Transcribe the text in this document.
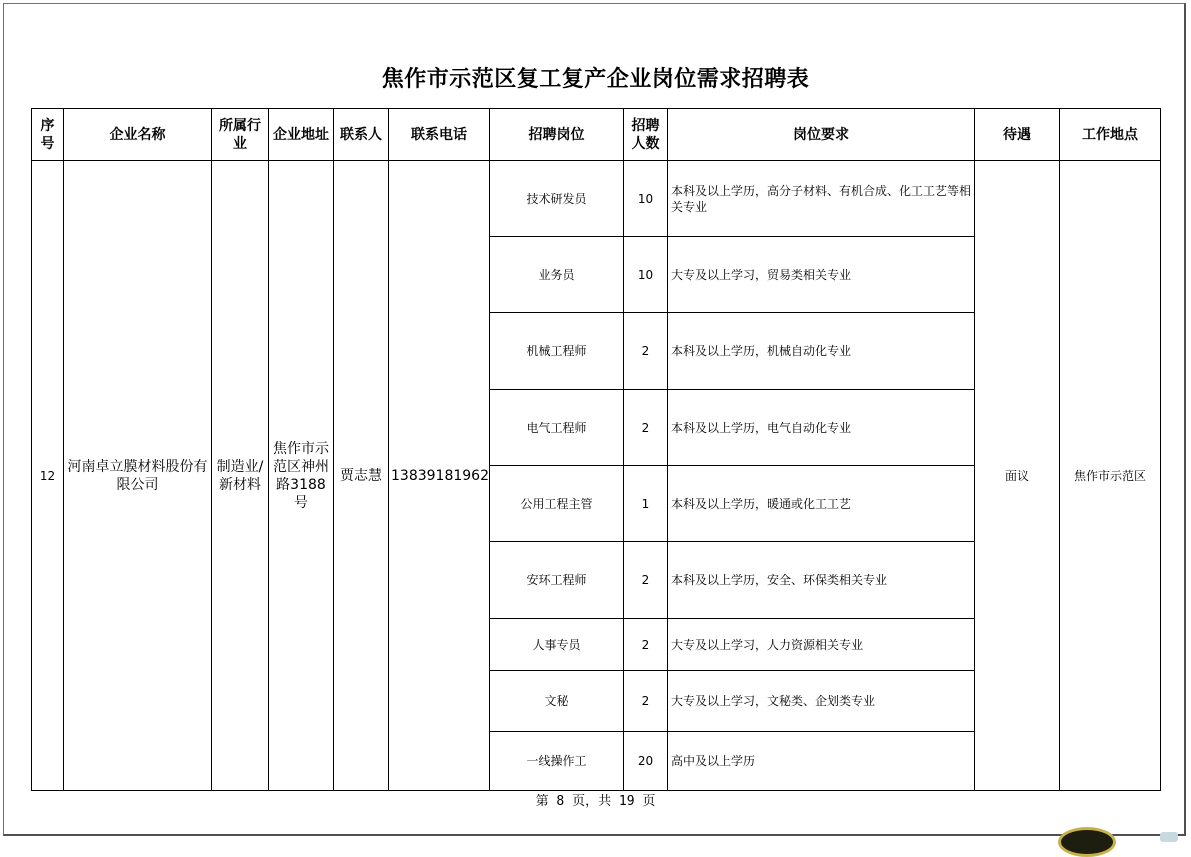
焦作市示范区复工复产企业岗位需求招聘表
序号	企业名称	所属行业	企业地址	联系人	联系电话	招聘岗位	招聘人数	岗位要求	待遇	工作地点
12	河南卓立膜材料股份有限公司	制造业/新材料	焦作市示范区神州路3188号	贾志慧	13839181962	技术研发员	10	本科及以上学历，高分子材料、有机合成、化工工艺等相关专业	面议	焦作市示范区
						业务员	10	大专及以上学习，贸易类相关专业		
						机械工程师	2	本科及以上学历，机械自动化专业		
						电气工程师	2	本科及以上学历，电气自动化专业		
						公用工程主管	1	本科及以上学历，暖通或化工工艺		
						安环工程师	2	本科及以上学历，安全、环保类相关专业		
						人事专员	2	大专及以上学习，人力资源相关专业		
						文秘	2	大专及以上学习，文秘类、企划类专业		
						一线操作工	20	高中及以上学历		
第 8 页，共 19 页
